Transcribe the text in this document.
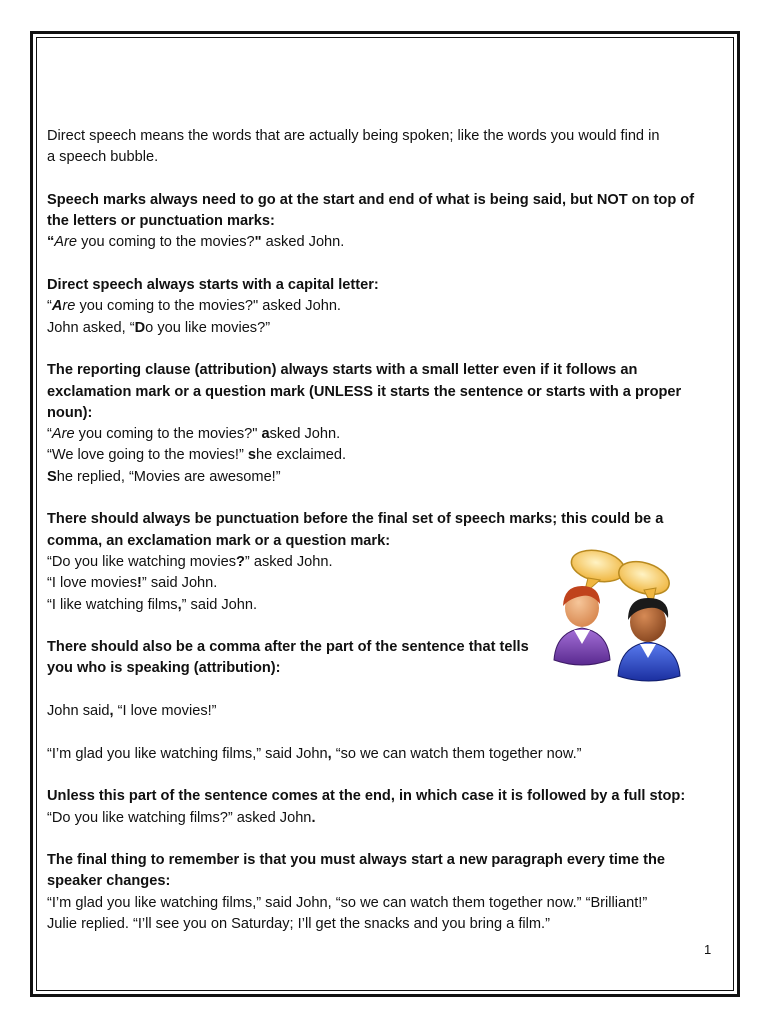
Direct speech means the words that are actually being spoken; like the words you would find in
a speech bubble.

Speech marks always need to go at the start and end of what is being said, but NOT on top of
the letters or punctuation marks:
“Are you coming to the movies?" asked John.

Direct speech always starts with a capital letter:
“Are you coming to the movies?" asked John.
John asked, “Do you like movies?”

The reporting clause (attribution) always starts with a small letter even if it follows an
exclamation mark or a question mark (UNLESS it starts the sentence or starts with a proper
noun):
“Are you coming to the movies?" asked John.
“We love going to the movies!” she exclaimed.
She replied, “Movies are awesome!”

There should always be punctuation before the final set of speech marks; this could be a
comma, an exclamation mark or a question mark:
“Do you like watching movies?” asked John.
“I love movies!” said John.
“I like watching films,” said John.

There should also be a comma after the part of the sentence that tells
you who is speaking (attribution):

John said, “I love movies!”

“I’m glad you like watching films,” said John, “so we can watch them together now.”

Unless this part of the sentence comes at the end, in which case it is followed by a full stop:
“Do you like watching films?” asked John.

The final thing to remember is that you must always start a new paragraph every time the
speaker changes:
“I’m glad you like watching films,” said John, “so we can watch them together now.” “Brilliant!”
Julie replied. “I’ll see you on Saturday; I’ll get the snacks and you bring a film.”

1
